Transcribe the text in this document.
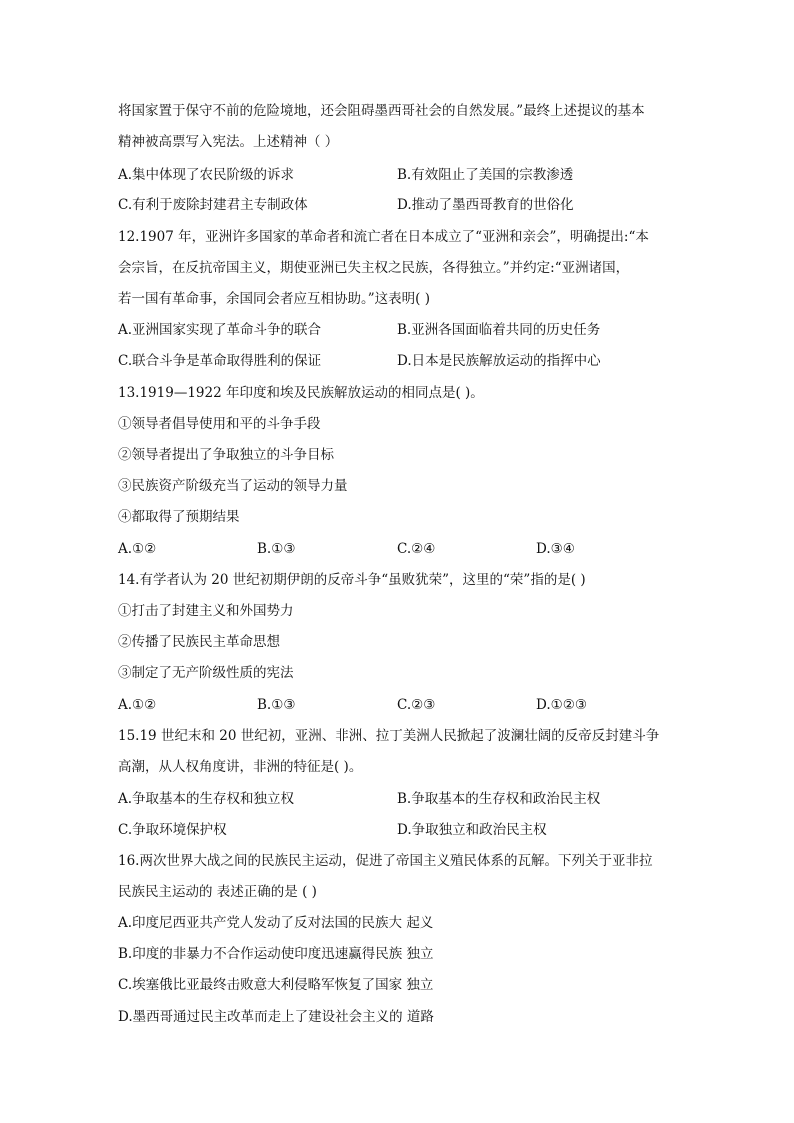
将国家置于保守不前的危险境地，还会阻碍墨西哥社会的自然发展。”最终上述提议的基本
精神被高票写入宪法。上述精神（ ）
A.集中体现了农民阶级的诉求	B.有效阻止了美国的宗教渗透
C.有利于废除封建君主专制政体	D.推动了墨西哥教育的世俗化
12.1907 年，亚洲许多国家的革命者和流亡者在日本成立了“亚洲和亲会”，明确提出:“本
会宗旨，在反抗帝国主义，期使亚洲已失主权之民族，各得独立。”并约定:“亚洲诸国，
若一国有革命事，余国同会者应互相协助。”这表明( )
A.亚洲国家实现了革命斗争的联合	B.亚洲各国面临着共同的历史任务
C.联合斗争是革命取得胜利的保证	D.日本是民族解放运动的指挥中心
13.1919—1922 年印度和埃及民族解放运动的相同点是( )。
①领导者倡导使用和平的斗争手段
②领导者提出了争取独立的斗争目标
③民族资产阶级充当了运动的领导力量
④都取得了预期结果
A.①②	B.①③	C.②④	D.③④
14.有学者认为 20 世纪初期伊朗的反帝斗争“虽败犹荣”，这里的“荣”指的是( )
①打击了封建主义和外国势力
②传播了民族民主革命思想
③制定了无产阶级性质的宪法
A.①②	B.①③	C.②③	D.①②③
15.19 世纪末和 20 世纪初，亚洲、非洲、拉丁美洲人民掀起了波澜壮阔的反帝反封建斗争
高潮，从人权角度讲，非洲的特征是( )。
A.争取基本的生存权和独立权	B.争取基本的生存权和政治民主权
C.争取环境保护权	D.争取独立和政治民主权
16.两次世界大战之间的民族民主运动，促进了帝国主义殖民体系的瓦解。下列关于亚非拉
民族民主运动的 表述正确的是 ( )
A.印度尼西亚共产党人发动了反对法国的民族大 起义
B.印度的非暴力不合作运动使印度迅速赢得民族 独立
C.埃塞俄比亚最终击败意大利侵略军恢复了国家 独立
D.墨西哥通过民主改革而走上了建设社会主义的 道路
